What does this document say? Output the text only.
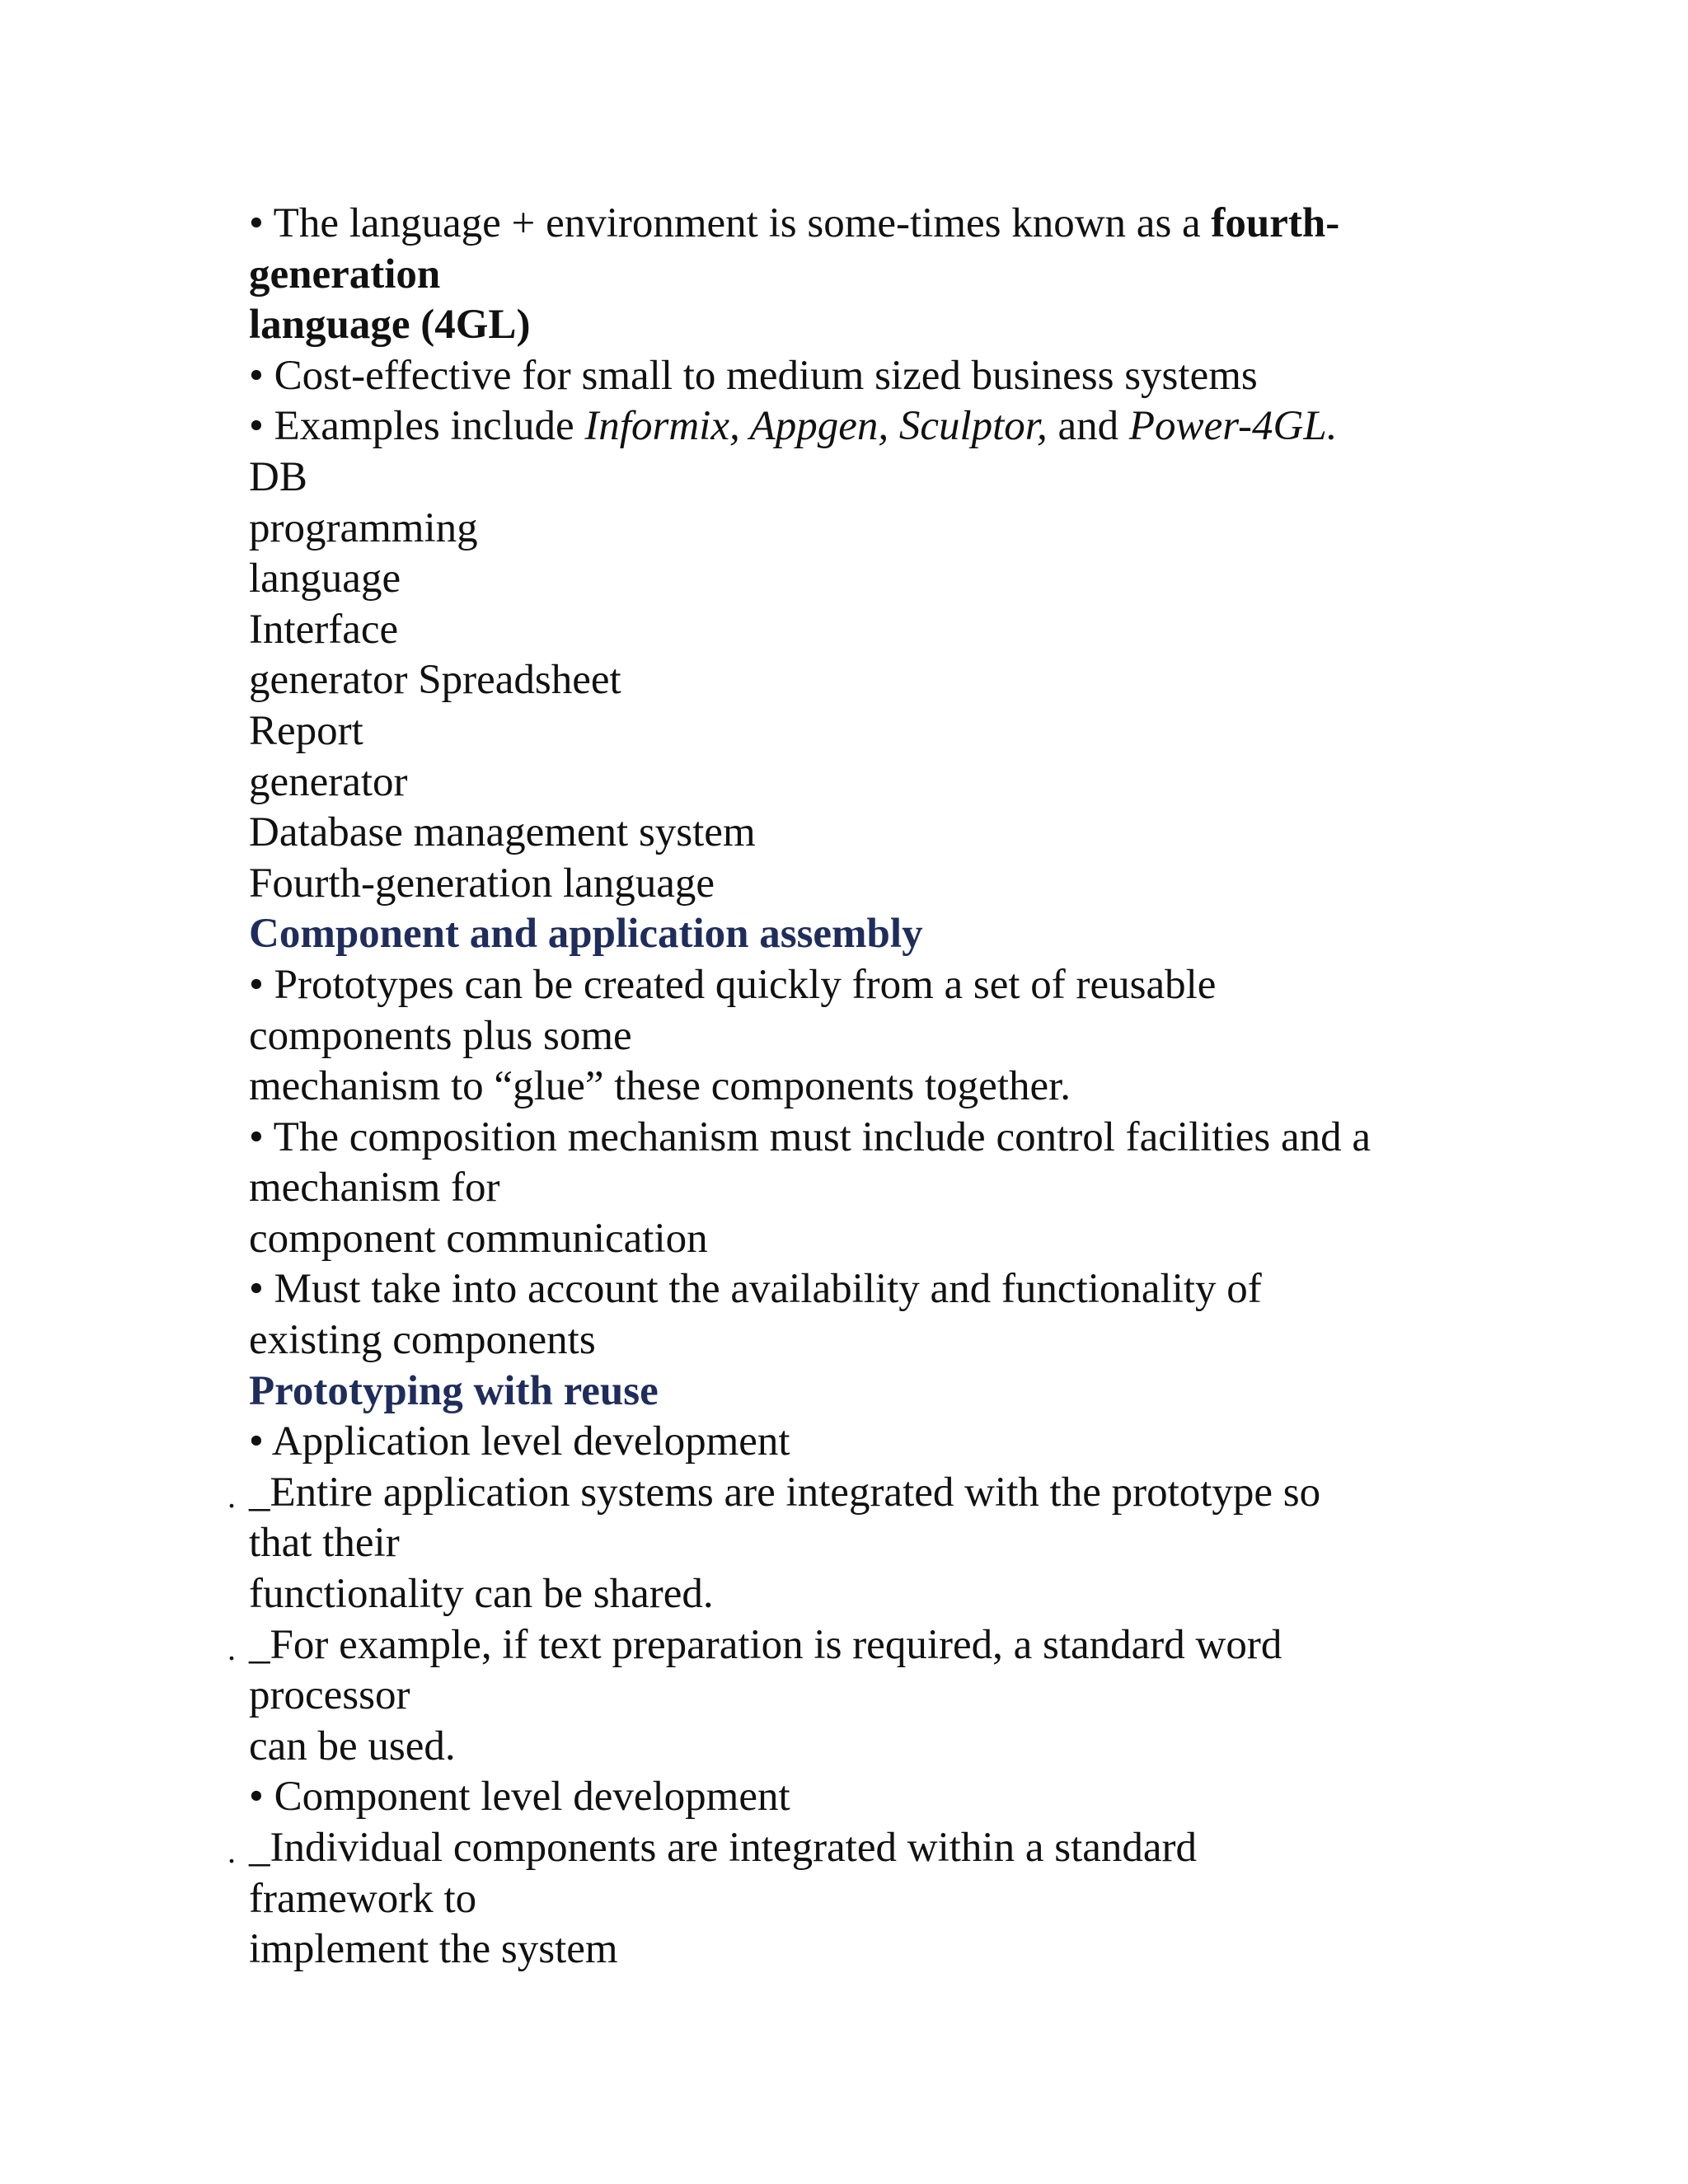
• The language + environment is some-times known as a fourth-
generation
language (4GL)
• Cost-effective for small to medium sized business systems
• Examples include Informix, Appgen, Sculptor, and Power-4GL.
DB
programming
language
Interface
generator Spreadsheet
Report
generator
Database management system
Fourth-generation language
Component and application assembly
• Prototypes can be created quickly from a set of reusable
components plus some
mechanism to “glue” these components together.
• The composition mechanism must include control facilities and a
mechanism for
component communication
• Must take into account the availability and functionality of
existing components
Prototyping with reuse
• Application level development
. _Entire application systems are integrated with the prototype so
that their
functionality can be shared.
. _For example, if text preparation is required, a standard word
processor
can be used.
• Component level development
. _Individual components are integrated within a standard
framework to
implement the system
